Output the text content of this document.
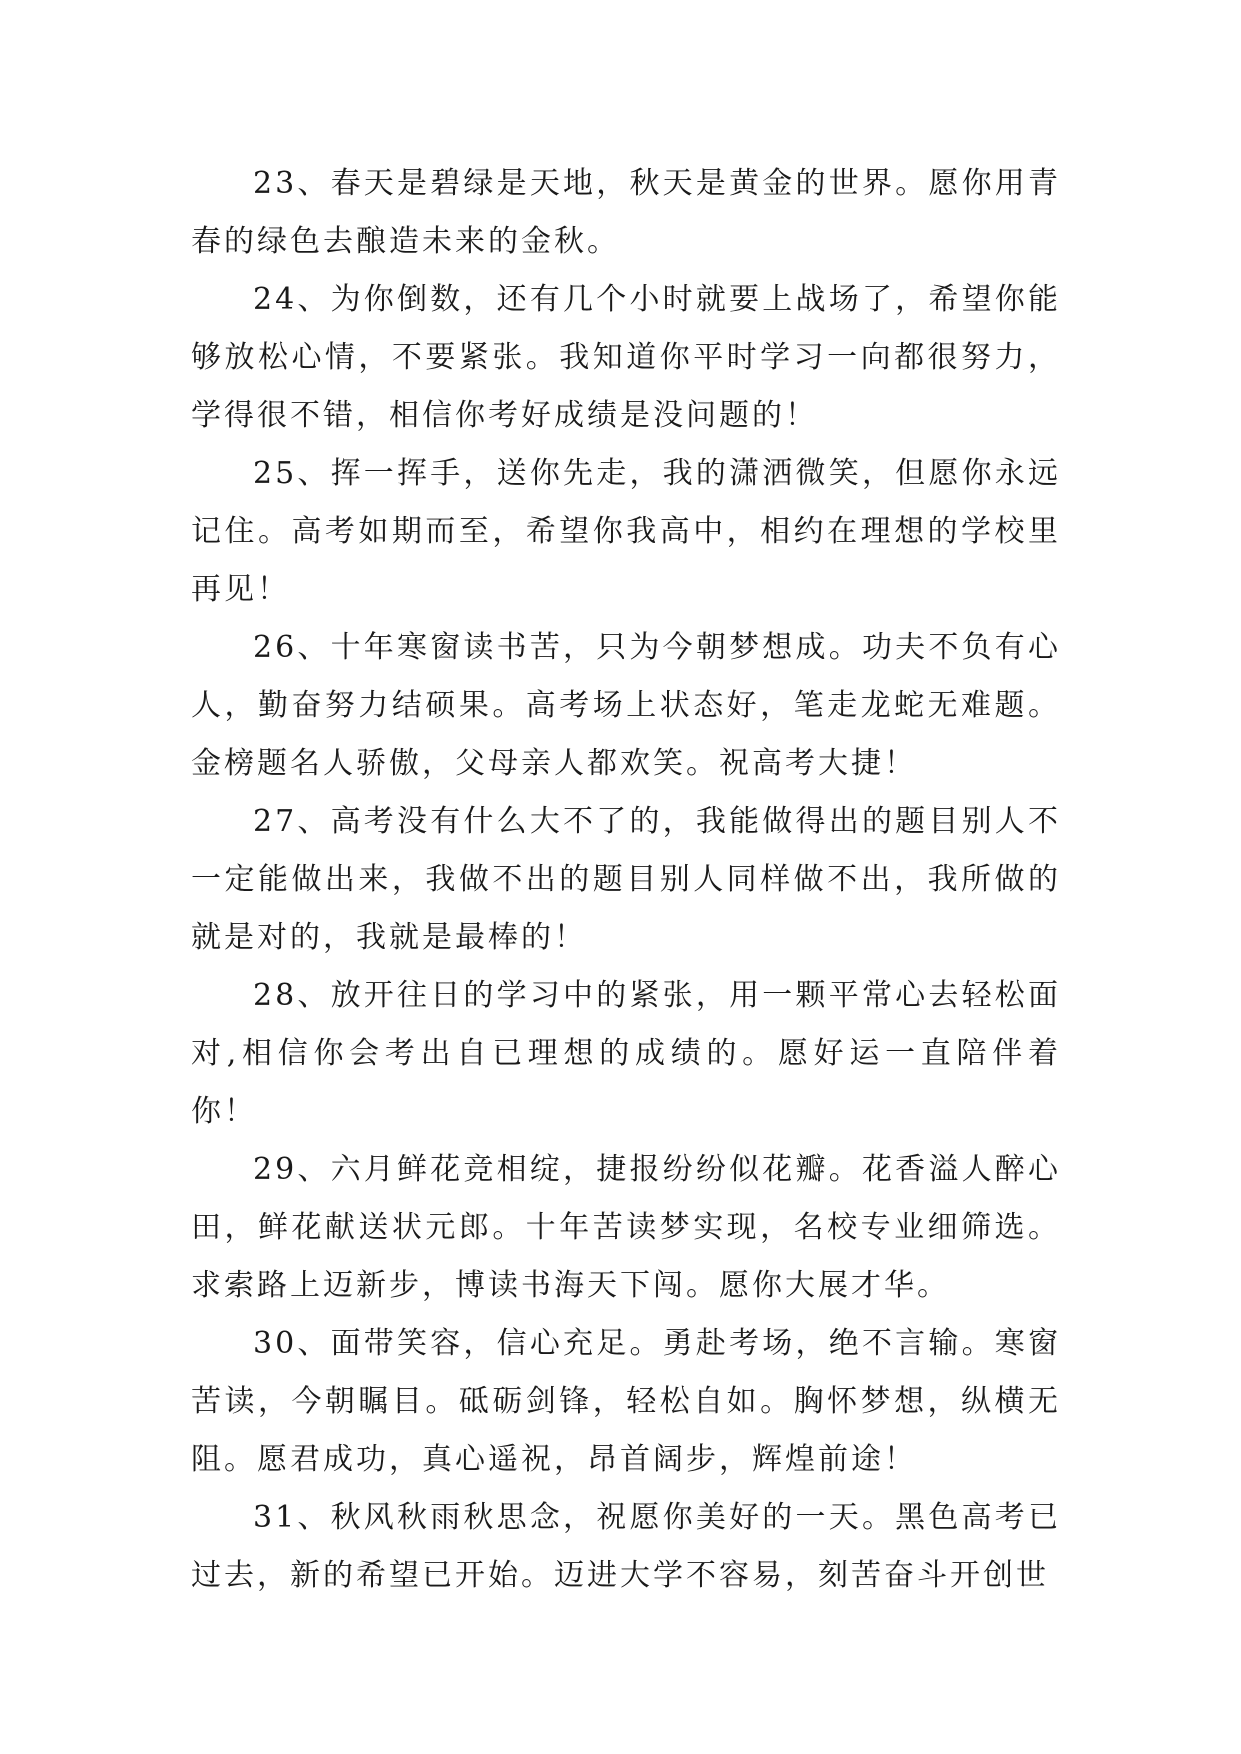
23、春天是碧绿是天地，秋天是黄金的世界。愿你用青春的绿色去酿造未来的金秋。

24、为你倒数，还有几个小时就要上战场了，希望你能够放松心情，不要紧张。我知道你平时学习一向都很努力，学得很不错，相信你考好成绩是没问题的！

25、挥一挥手，送你先走，我的潇洒微笑，但愿你永远记住。高考如期而至，希望你我高中，相约在理想的学校里再见！

26、十年寒窗读书苦，只为今朝梦想成。功夫不负有心人，勤奋努力结硕果。高考场上状态好，笔走龙蛇无难题。金榜题名人骄傲，父母亲人都欢笑。祝高考大捷！

27、高考没有什么大不了的，我能做得出的题目别人不一定能做出来，我做不出的题目别人同样做不出，我所做的就是对的，我就是最棒的！

28、放开往日的学习中的紧张，用一颗平常心去轻松面对,相信你会考出自已理想的成绩的。愿好运一直陪伴着你！

29、六月鲜花竞相绽，捷报纷纷似花瓣。花香溢人醉心田，鲜花献送状元郎。十年苦读梦实现，名校专业细筛选。求索路上迈新步，博读书海天下闯。愿你大展才华。

30、面带笑容，信心充足。勇赴考场，绝不言输。寒窗苦读，今朝瞩目。砥砺剑锋，轻松自如。胸怀梦想，纵横无阻。愿君成功，真心遥祝，昂首阔步，辉煌前途！

31、秋风秋雨秋思念，祝愿你美好的一天。黑色高考已过去，新的希望已开始。迈进大学不容易，刻苦奋斗开创世
